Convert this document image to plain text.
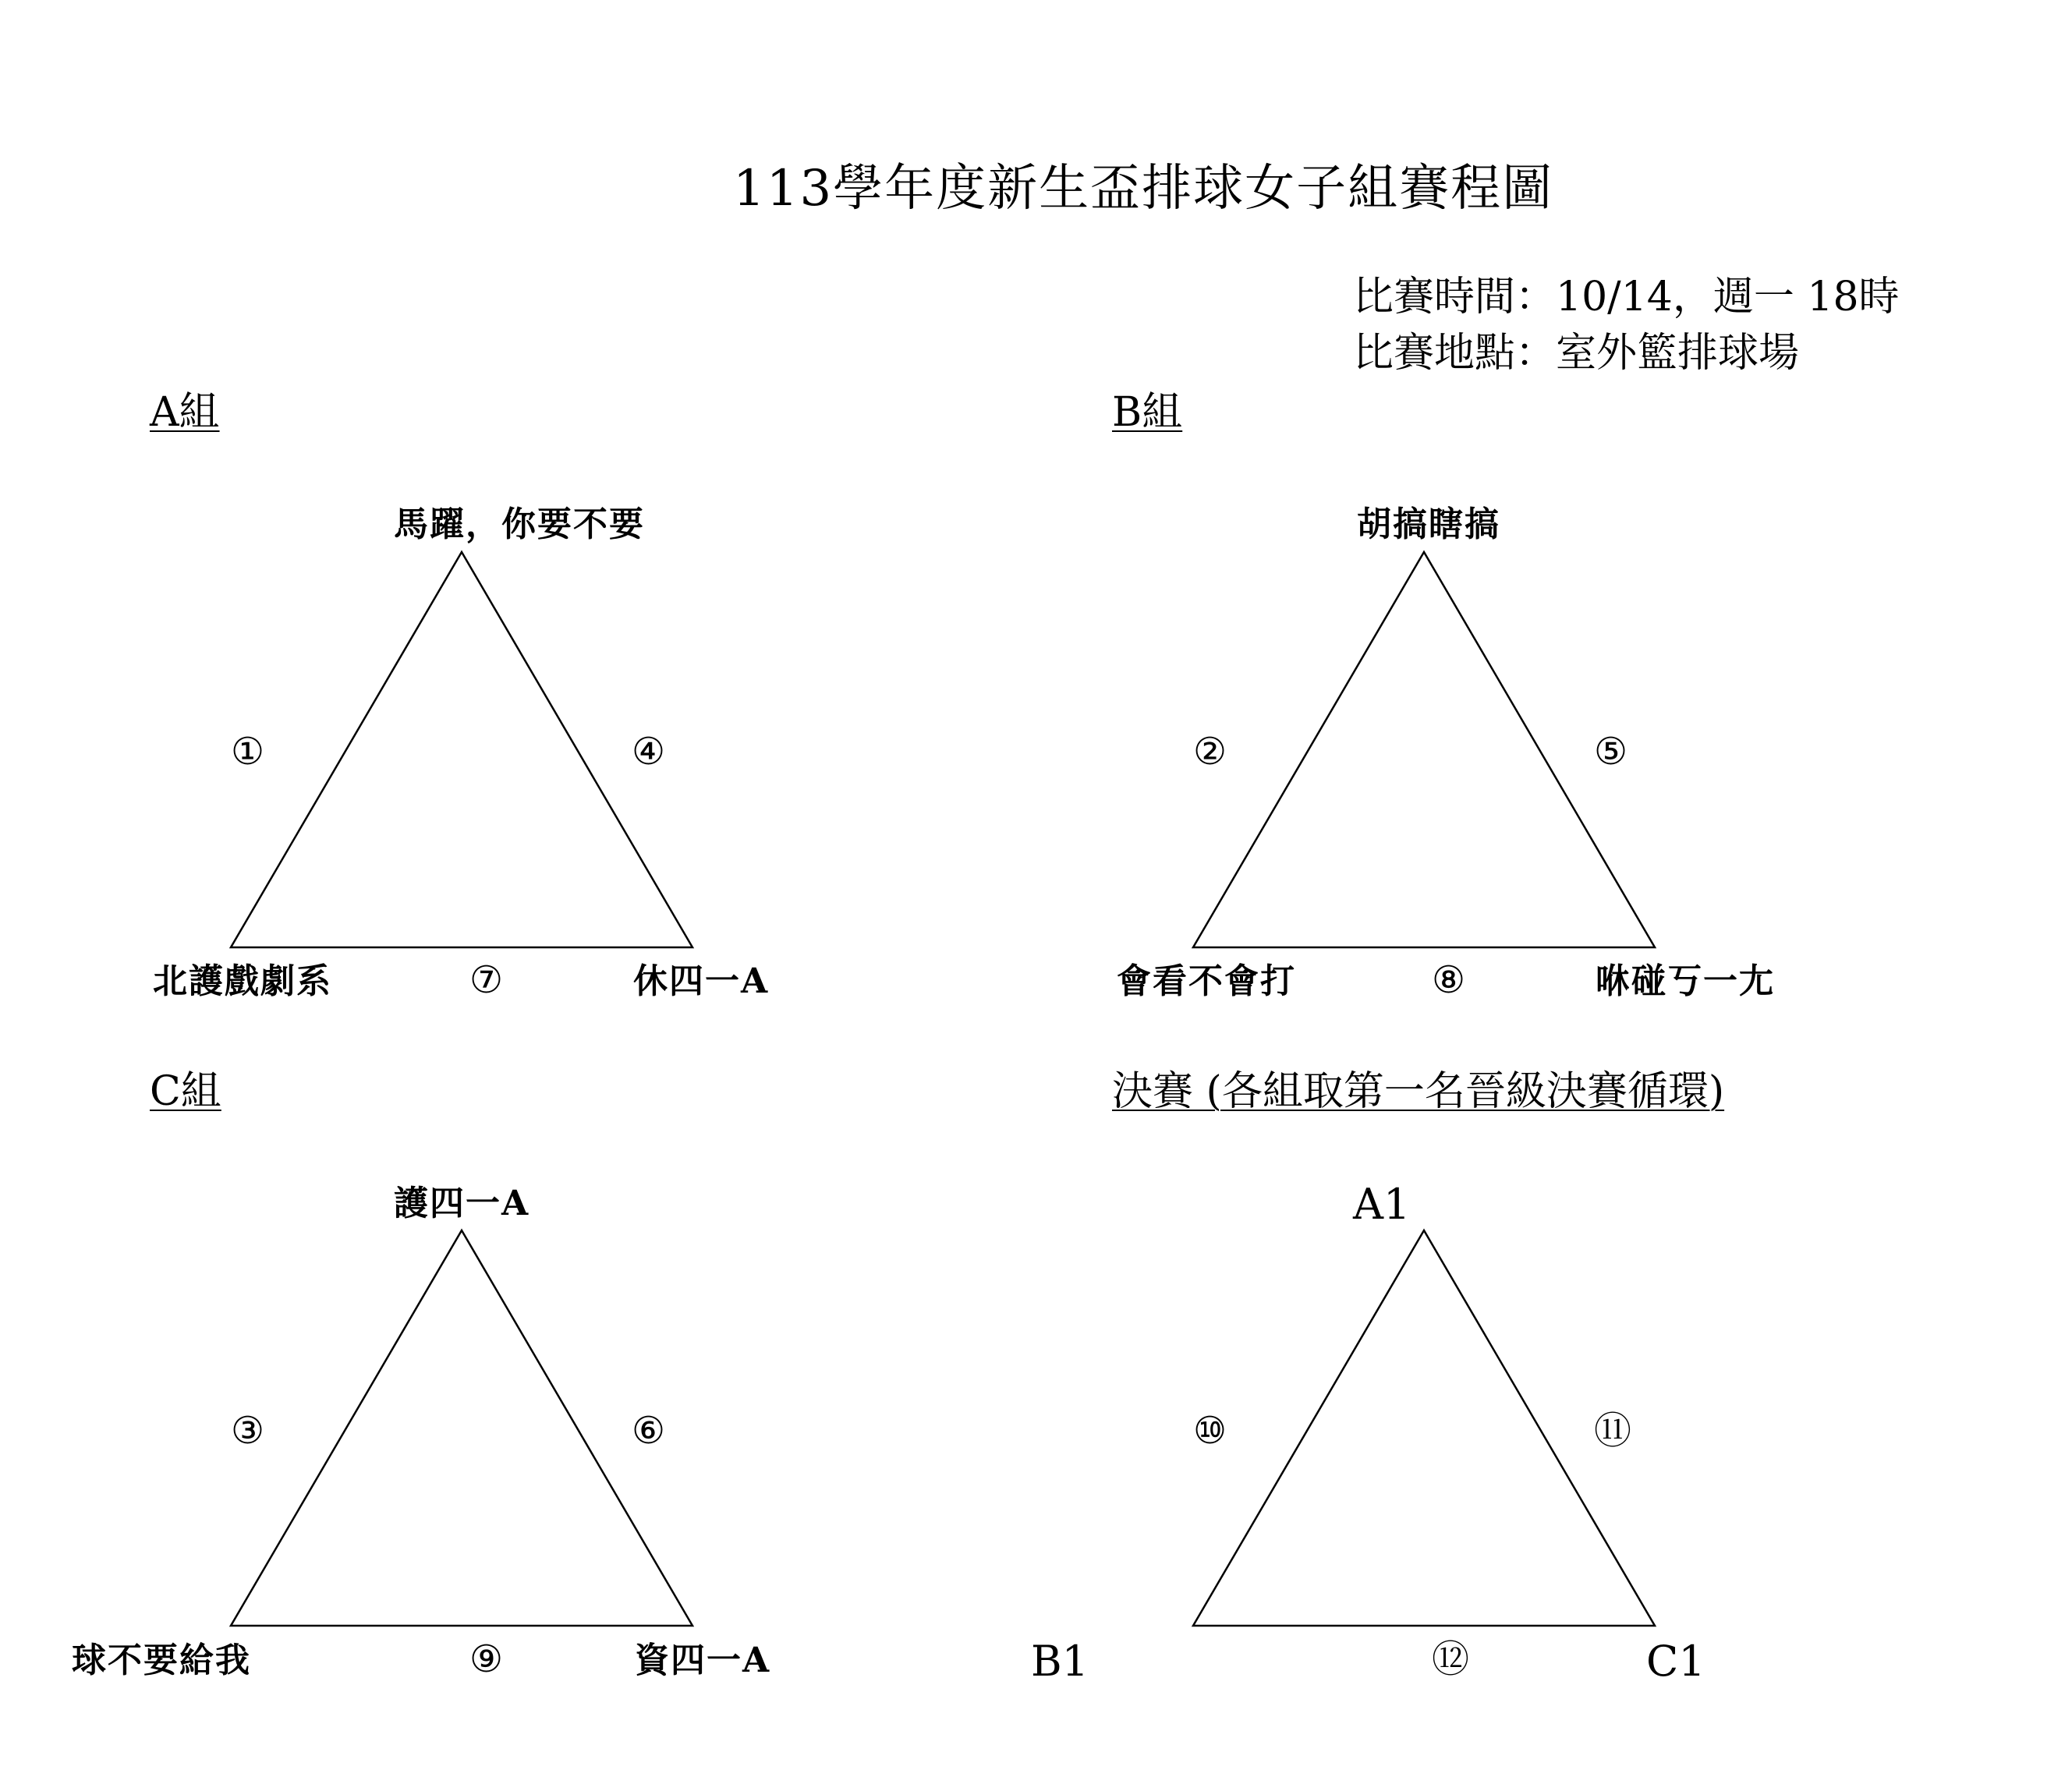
113學年度新生盃排球女子組賽程圖
比賽時間：10/14，週一 18時
比賽地點：室外籃排球場
A組
馬躍，你要不要
北護戲劇系	休四一A
①	④
⑦
B組
胡搞瞎搞
會看不會打	咻碰丂一尢
②	⑤
⑧
C組
護四一A
球不要給我	資四一A
③	⑥
⑨
決賽 (各組取第一名晉級決賽循環)
A1
B1	C1
⑩	⑪
⑫
